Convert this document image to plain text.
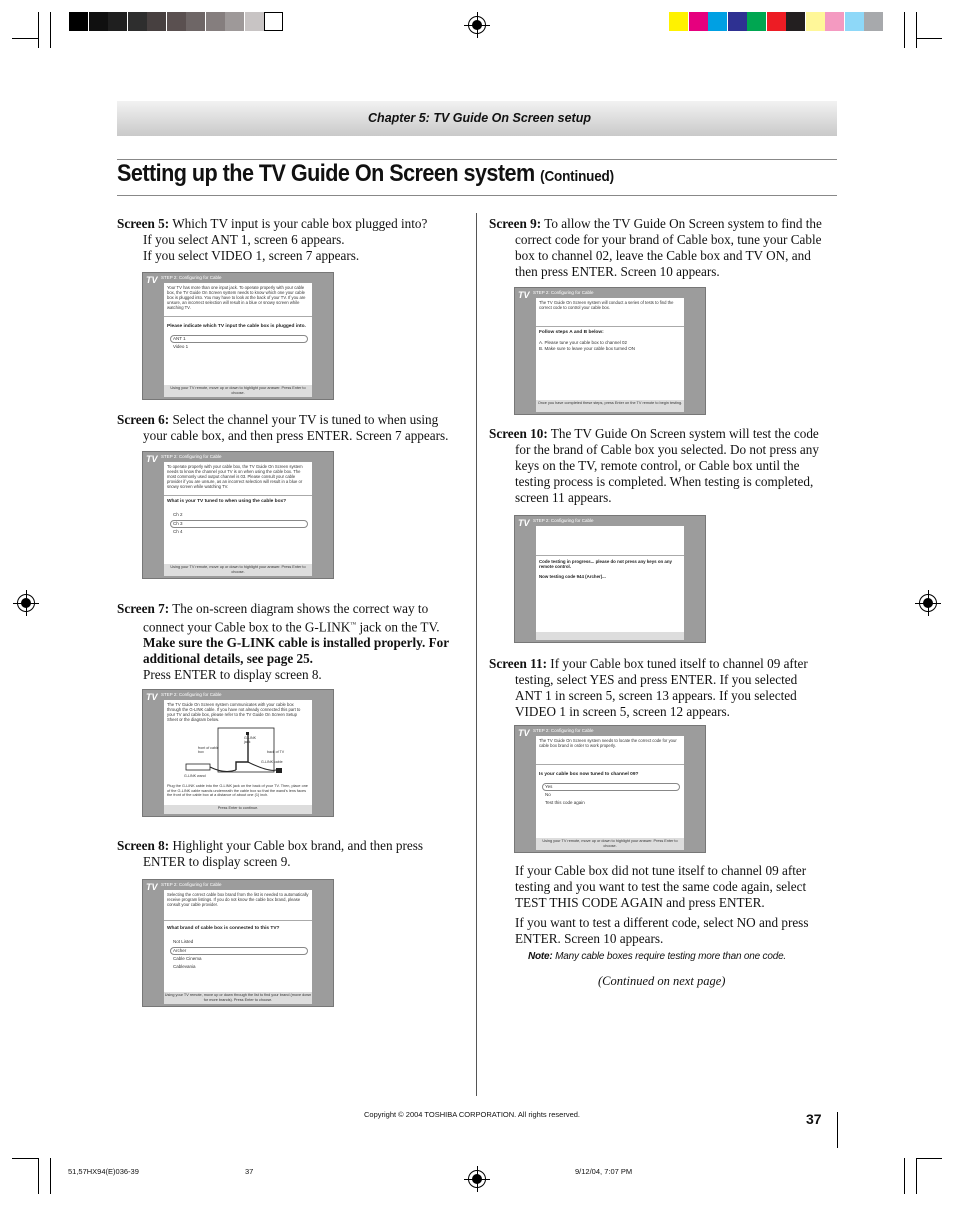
Chapter 5: TV Guide On Screen setup
Setting up the TV Guide On Screen system (Continued)
Screen 5: Which TV input is your cable box plugged into?
If you select ANT 1, screen 6 appears.
If you select VIDEO 1, screen 7 appears.
TV STEP 2: Configuring for Cable
Your TV has more than one input jack. To operate properly with your cable box, the TV Guide On Screen system needs to know which one your cable box is plugged into. You may have to look at the back of your TV. If you are unsure, an incorrect selection will result in a blue or snowy screen while watching TV.
Please indicate which TV input the cable box is plugged into.
ANT 1
Video 1
Using your TV remote, move up or down to highlight your answer. Press Enter to choose.
Screen 6: Select the channel your TV is tuned to when using
your cable box, and then press ENTER. Screen 7 appears.
TV STEP 2: Configuring for Cable
To operate properly with your cable box, the TV Guide On Screen system needs to know the channel your TV is on when using the cable box. The most commonly used output channel is 03. Please consult your cable provider if you are unsure, as an incorrect selection will result in a blue or snowy screen while watching TV.
What is your TV tuned to when using the cable box?
Ch 2
Ch 3
Ch 4
Using your TV remote, move up or down to highlight your answer. Press Enter to choose.
Screen 7: The on-screen diagram shows the correct way to
connect your Cable box to the G-LINK™ jack on the TV.
Make sure the G-LINK cable is installed properly. For
additional details, see page 25.
Press ENTER to display screen 8.
TV STEP 2: Configuring for Cable
The TV Guide On Screen system communicates with your cable box through the G-LINK cable. If you have not already connected this part to your TV and cable box, please refer to the TV Guide On Screen Setup Sheet or the diagram below.
front of cable box
G-LINK jack
back of TV
G-LINK cable
G-LINK wand
Plug the G-LINK cable into the G-LINK jack on the back of your TV. Then, place one of the G-LINK cable wands underneath the cable box so that the wand's lens faces the front of the cable box at a distance of about one (1) inch.
Press Enter to continue.
Screen 8: Highlight your Cable box brand, and then press
ENTER to display screen 9.
TV STEP 2: Configuring for Cable
Selecting the correct cable box brand from the list is needed to automatically receive program listings. If you do not know the cable box brand, please consult your cable provider.
What brand of cable box is connected to this TV?
Not Listed
Archer
Cable Cinema
Cablevania
Using your TV remote, move up or down through the list to find your brand (move down for more brands). Press Enter to choose.
Screen 9: To allow the TV Guide On Screen system to find the
correct code for your brand of Cable box, tune your Cable
box to channel 02, leave the Cable box and TV ON, and
then press ENTER. Screen 10 appears.
TV STEP 2: Configuring for Cable
The TV Guide On Screen system will conduct a series of tests to find the correct code to control your cable box.
Follow steps A and B below:
A. Please tune your cable box to channel 02
B. Make sure to leave your cable box turned ON
Once you have completed these steps, press Enter on the TV remote to begin testing.
Screen 10: The TV Guide On Screen system will test the code
for the brand of Cable box you selected. Do not press any
keys on the TV, remote control, or Cable box until the
testing process is completed. When testing is completed,
screen 11 appears.
TV STEP 2: Configuring for Cable
Code testing in progress... please do not press any keys on any remote control.
Now testing code 944 (Archer)...
Screen 11: If your Cable box tuned itself to channel 09 after
testing, select YES and press ENTER. If you selected
ANT 1 in screen 5, screen 13 appears. If you selected
VIDEO 1 in screen 5, screen 12 appears.
TV STEP 2: Configuring for Cable
The TV Guide On Screen system needs to locate the correct code for your cable box brand in order to work properly.
Is your cable box now tuned to channel 09?
Yes
No
Test this code again
Using your TV remote, move up or down to highlight your answer. Press Enter to choose.
If your Cable box did not tune itself to channel 09 after
testing and you want to test the same code again, select
TEST THIS CODE AGAIN and press ENTER.
If you want to test a different code, select NO and press
ENTER. Screen 10 appears.
Note: Many cable boxes require testing more than one code.
(Continued on next page)
Copyright © 2004 TOSHIBA CORPORATION. All rights reserved.	37
51,57HX94(E)036-39	37	9/12/04, 7:07 PM
